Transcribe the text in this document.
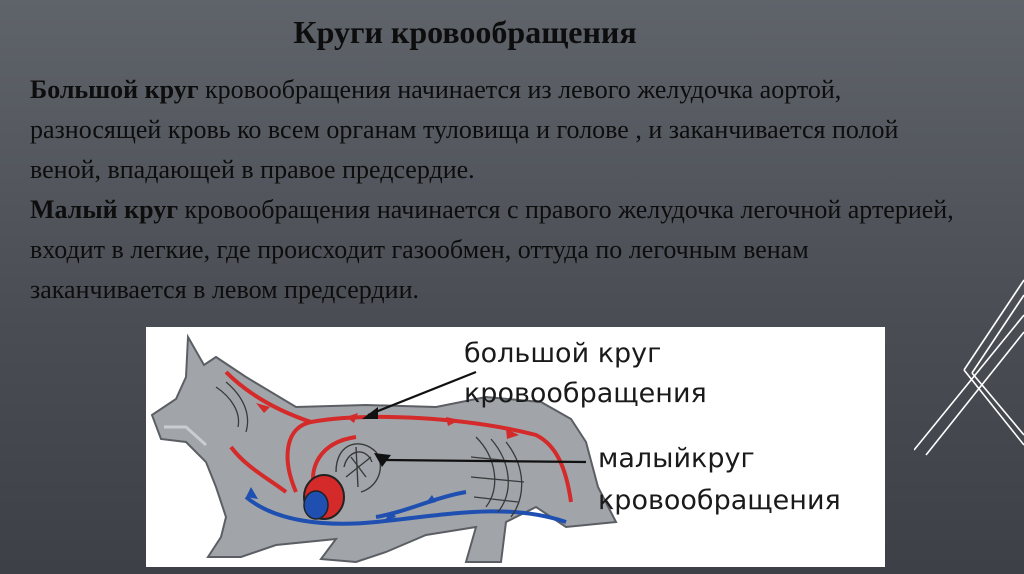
Круги кровообращения

Большой круг кровообращения начинается из левого желудочка аортой, разносящей кровь ко всем органам туловища и голове , и заканчивается полой веной, впадающей в правое предсердие.

Малый круг кровообращения начинается с правого желудочка легочной артерией, входит в легкие, где происходит газообмен, оттуда по легочным венам заканчивается в левом предсердии.

большой круг
кровообращения
малыйкруг
кровообращения
